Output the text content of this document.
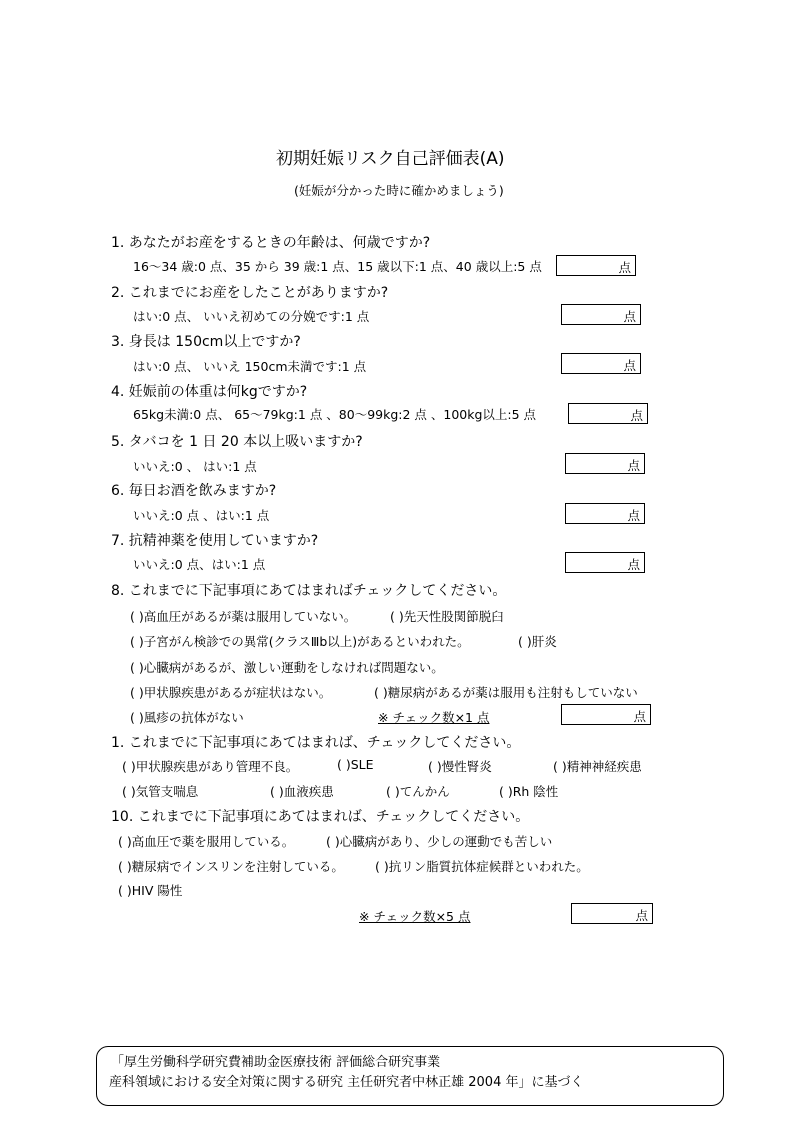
初期妊娠リスク自己評価表(A)
(妊娠が分かった時に確かめましょう)
1. あなたがお産をするときの年齢は、何歳ですか?
16～34 歳:0 点、35 から 39 歳:1 点、15 歳以下:1 点、40 歳以上:5 点	点
2. これまでにお産をしたことがありますか?
はい:0 点、 いいえ初めての分娩です:1 点	点
3. 身長は 150cm以上ですか?
はい:0 点、 いいえ 150cm未満です:1 点	点
4. 妊娠前の体重は何kgですか?
65kg未満:0 点、 65～79kg:1 点 、80～99kg:2 点 、100kg以上:5 点	点
5. タバコを 1 日 20 本以上吸いますか?
いいえ:0 、 はい:1 点	点
6. 毎日お酒を飲みますか?
いいえ:0 点 、はい:1 点	点
7. 抗精神薬を使用していますか?
いいえ:0 点、はい:1 点	点
8. これまでに下記事項にあてはまればチェックしてください。
( )高血圧があるが薬は服用していない。	( )先天性股関節脱臼
( )子宮がん検診での異常(クラスⅢb以上)があるといわれた。	( )肝炎
( )心臓病があるが、激しい運動をしなければ問題ない。
( )甲状腺疾患があるが症状はない。	( )糖尿病があるが薬は服用も注射もしていない
( )風疹の抗体がない	※ チェック数×1 点	点
1. これまでに下記事項にあてはまれば、チェックしてください。
( )甲状腺疾患があり管理不良。	( )SLE	( )慢性腎炎	( )精神神経疾患
( )気管支喘息	( )血液疾患	( )てんかん	( )Rh 陰性
10. これまでに下記事項にあてはまれば、チェックしてください。
( )高血圧で薬を服用している。	( )心臓病があり、少しの運動でも苦しい
( )糖尿病でインスリンを注射している。 ( )抗リン脂質抗体症候群といわれた。
( )HIV 陽性
※ チェック数×5 点	点
「厚生労働科学研究費補助金医療技術 評価総合研究事業
産科領域における安全対策に関する研究 主任研究者中林正雄 2004 年」に基づく
